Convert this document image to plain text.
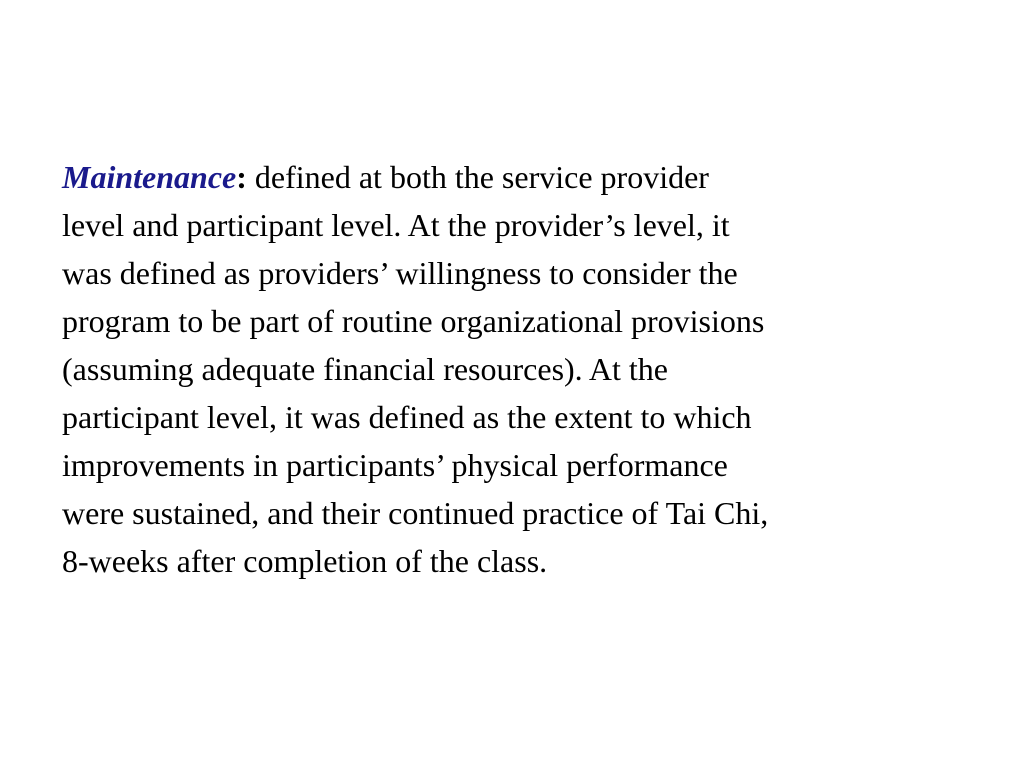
Maintenance: defined at both the service provider
level and participant level. At the provider’s level, it
was defined as providers’ willingness to consider the
program to be part of routine organizational provisions
(assuming adequate financial resources). At the
participant level, it was defined as the extent to which
improvements in participants’ physical performance
were sustained, and their continued practice of Tai Chi,
8-weeks after completion of the class.
